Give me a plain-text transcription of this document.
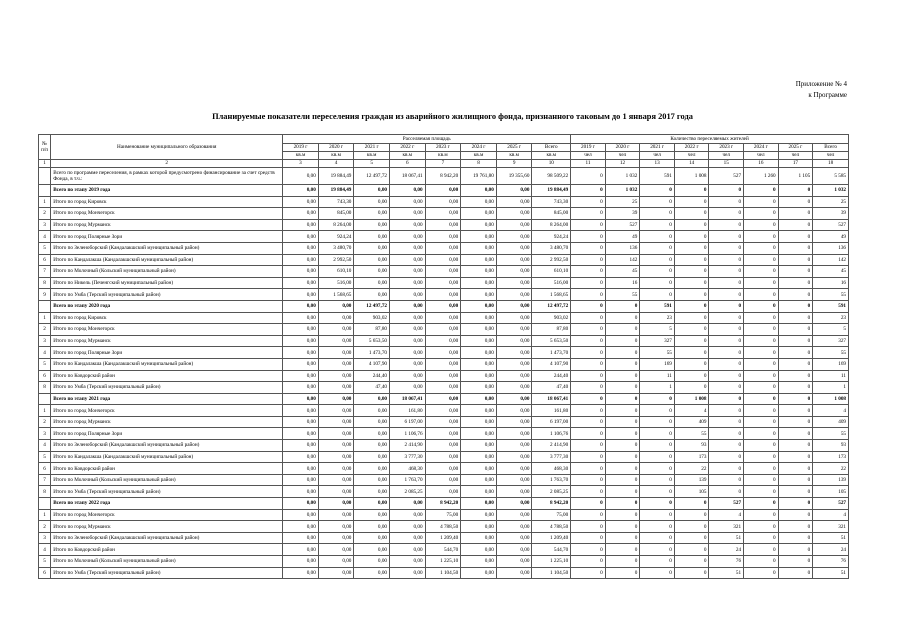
Приложение № 4
к Программе
Планируемые показатели переселения граждан из аварийного жилищного фонда, признанного таковым до 1 января 2017 года
№ п/п	Наименование муниципального образования	Расселяемая площадь								Количество переселяемых жителей							
		2019 г	2020 г	2021 г	2022 г	2023 г	2024 г	2025 г	Всего	2019 г	2020 г	2021 г	2022 г	2023 г	2024 г	2025 г	Всего
		кв.м	кв.м	кв.м	кв.м	кв.м	кв.м	кв.м	кв.м	чел	чел	чел	чел	чел	чел	чел	чел
1	2	3	4	5	6	7	8	9	10	11	12	13	14	15	16	17	18
	Всего по программе переселения, в рамках которой предусмотрено финансирование за счет средств Фонда, в т.ч.:	0,00	19 884,49	12 497,72	18 067,41	8 942,20	19 761,80	19 355,60	98 509,22	0	1 032	591	1 008	527	1 260	1 105	5 585
	Всего по этапу 2019 года	0,00	19 884,49	0,00	0,00	0,00	0,00	0,00	19 884,49	0	1 032	0	0	0	0	0	1 032
1	Итого по город Кировск	0,00	743,30	0,00	0,00	0,00	0,00	0,00	743,30	0	25	0	0	0	0	0	25
2	Итого по город Мончегорск	0,00	845,00	0,00	0,00	0,00	0,00	0,00	845,00	0	39	0	0	0	0	0	39
3	Итого по город Мурманск	0,00	8 264,00	0,00	0,00	0,00	0,00	0,00	8 264,00	0	527	0	0	0	0	0	527
4	Итого по город Полярные Зори	0,00	924,24	0,00	0,00	0,00	0,00	0,00	924,24	0	49	0	0	0	0	0	49
5	Итого по Зеленоборский (Кандалакшский муниципальный район)	0,00	3 480,70	0,00	0,00	0,00	0,00	0,00	3 480,70	0	136	0	0	0	0	0	136
6	Итого по Кандалакша (Кандалакшский муниципальный район)	0,00	2 992,50	0,00	0,00	0,00	0,00	0,00	2 992,50	0	142	0	0	0	0	0	142
7	Итого по Молочный (Кольский муниципальный район)	0,00	610,10	0,00	0,00	0,00	0,00	0,00	610,10	0	45	0	0	0	0	0	45
8	Итого по Никель (Печенгский муниципальный район)	0,00	516,00	0,00	0,00	0,00	0,00	0,00	516,00	0	16	0	0	0	0	0	16
9	Итого по Умба (Терский муниципальный район)	0,00	1 568,65	0,00	0,00	0,00	0,00	0,00	1 568,65	0	55	0	0	0	0	0	55
	Всего по этапу 2020 года	0,00	0,00	12 497,72	0,00	0,00	0,00	0,00	12 497,72	0	0	591	0	0	0	0	591
1	Итого по город Кировск	0,00	0,00	903,02	0,00	0,00	0,00	0,00	903,02	0	0	23	0	0	0	0	23
2	Итого по город Мончегорск	0,00	0,00	87,80	0,00	0,00	0,00	0,00	87,80	0	0	5	0	0	0	0	5
3	Итого по город Мурманск	0,00	0,00	5 653,50	0,00	0,00	0,00	0,00	5 653,50	0	0	327	0	0	0	0	327
4	Итого по город Полярные Зори	0,00	0,00	1 473,70	0,00	0,00	0,00	0,00	1 473,70	0	0	55	0	0	0	0	55
5	Итого по Кандалакша (Кандалакшский муниципальный район)	0,00	0,00	4 107,90	0,00	0,00	0,00	0,00	4 107,90	0	0	169	0	0	0	0	169
6	Итого по Ковдорский район	0,00	0,00	244,40	0,00	0,00	0,00	0,00	244,40	0	0	11	0	0	0	0	11
8	Итого по Умба (Терский муниципальный район)	0,00	0,00	47,40	0,00	0,00	0,00	0,00	47,40	0	0	1	0	0	0	0	1
	Всего по этапу 2021 года	0,00	0,00	0,00	18 067,41	0,00	0,00	0,00	18 067,41	0	0	0	1 008	0	0	0	1 008
1	Итого по город Мончегорск	0,00	0,00	0,00	161,80	0,00	0,00	0,00	161,80	0	0	0	4	0	0	0	4
2	Итого по город Мурманск	0,00	0,00	0,00	6 197,00	0,00	0,00	0,00	6 197,00	0	0	0	409	0	0	0	409
3	Итого по город Полярные Зори	0,00	0,00	0,00	1 106,76	0,00	0,00	0,00	1 106,76	0	0	0	55	0	0	0	55
4	Итого по Зеленоборский (Кандалакшский муниципальный район)	0,00	0,00	0,00	2 414,90	0,00	0,00	0,00	2 414,90	0	0	0	93	0	0	0	93
5	Итого по Кандалакша (Кандалакшский муниципальный район)	0,00	0,00	0,00	3 777,30	0,00	0,00	0,00	3 777,30	0	0	0	173	0	0	0	173
6	Итого по Ковдорский район	0,00	0,00	0,00	468,30	0,00	0,00	0,00	468,30	0	0	0	22	0	0	0	22
7	Итого по Молочный (Кольский муниципальный район)	0,00	0,00	0,00	1 763,70	0,00	0,00	0,00	1 763,70	0	0	0	139	0	0	0	139
8	Итого по Умба (Терский муниципальный район)	0,00	0,00	0,00	2 085,25	0,00	0,00	0,00	2 085,25	0	0	0	105	0	0	0	105
	Всего по этапу 2022 года	0,00	0,00	0,00	0,00	8 942,20	0,00	0,00	8 942,20	0	0	0	0	527	0	0	527
1	Итого по город Мончегорск	0,00	0,00	0,00	0,00	75,00	0,00	0,00	75,00	0	0	0	0	4	0	0	4
2	Итого по город Мурманск	0,00	0,00	0,00	0,00	4 788,50	0,00	0,00	4 788,50	0	0	0	0	321	0	0	321
3	Итого по Зеленоборский (Кандалакшский муниципальный район)	0,00	0,00	0,00	0,00	1 209,40	0,00	0,00	1 209,40	0	0	0	0	51	0	0	51
4	Итого по Ковдорский район	0,00	0,00	0,00	0,00	544,70	0,00	0,00	544,70	0	0	0	0	24	0	0	24
5	Итого по Молочный (Кольский муниципальный район)	0,00	0,00	0,00	0,00	1 225,10	0,00	0,00	1 225,10	0	0	0	0	76	0	0	76
6	Итого по Умба (Терский муниципальный район)	0,00	0,00	0,00	0,00	1 104,50	0,00	0,00	1 104,50	0	0	0	0	51	0	0	51
